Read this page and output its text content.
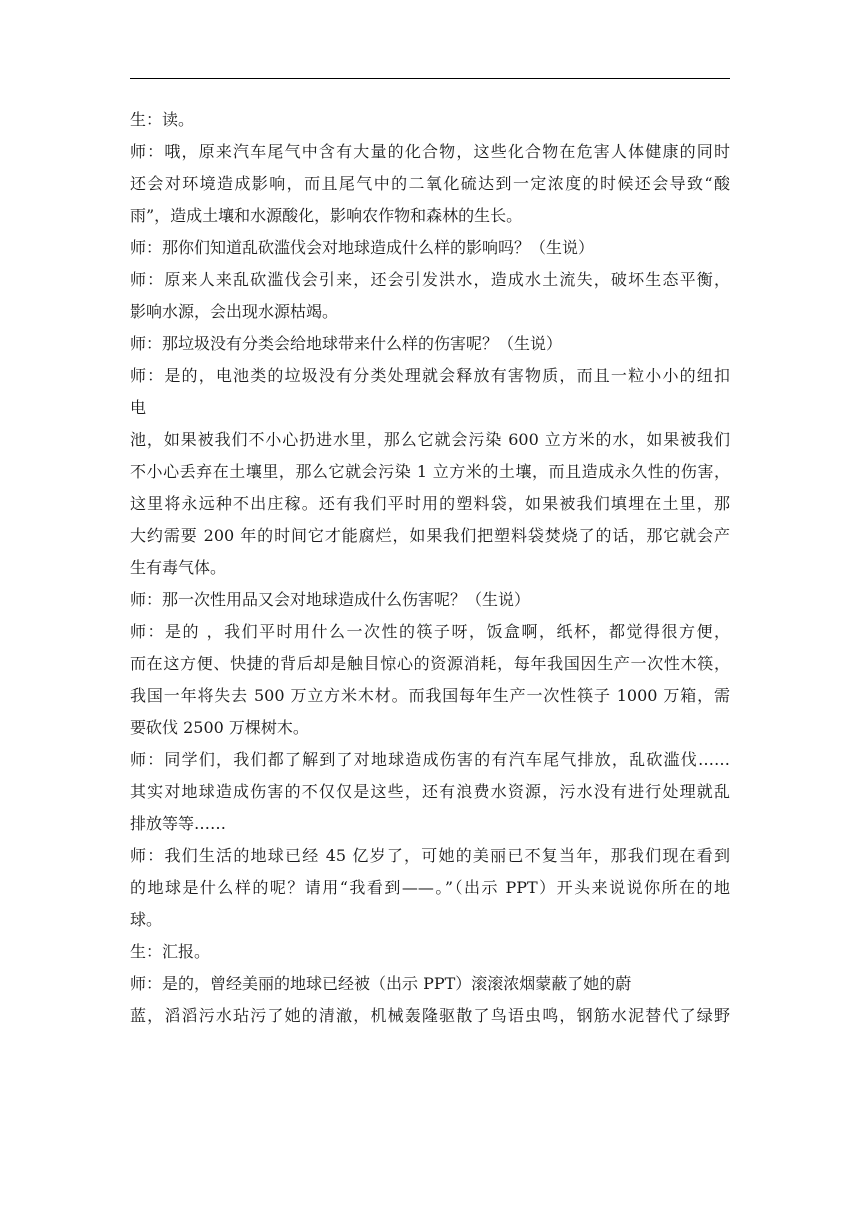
生：读。
师：哦，原来汽车尾气中含有大量的化合物，这些化合物在危害人体健康的同时
还会对环境造成影响，而且尾气中的二氧化硫达到一定浓度的时候还会导致“酸
雨”，造成土壤和水源酸化，影响农作物和森林的生长。
师：那你们知道乱砍滥伐会对地球造成什么样的影响吗？（生说）
师：原来人来乱砍滥伐会引来，还会引发洪水，造成水土流失，破坏生态平衡，
影响水源，会出现水源枯竭。
师：那垃圾没有分类会给地球带来什么样的伤害呢？（生说）
师：是的，电池类的垃圾没有分类处理就会释放有害物质，而且一粒小小的纽扣
电
池，如果被我们不小心扔进水里，那么它就会污染 600 立方米的水，如果被我们
不小心丢弃在土壤里，那么它就会污染 1 立方米的土壤，而且造成永久性的伤害，
这里将永远种不出庄稼。还有我们平时用的塑料袋，如果被我们填埋在土里，那
大约需要 200 年的时间它才能腐烂，如果我们把塑料袋焚烧了的话，那它就会产
生有毒气体。
师：那一次性用品又会对地球造成什么伤害呢？（生说）
师：是的 ，我们平时用什么一次性的筷子呀，饭盒啊，纸杯，都觉得很方便，
而在这方便、快捷的背后却是触目惊心的资源消耗，每年我国因生产一次性木筷，
我国一年将失去 500 万立方米木材。而我国每年生产一次性筷子 1000 万箱，需
要砍伐 2500 万棵树木。
师：同学们，我们都了解到了对地球造成伤害的有汽车尾气排放，乱砍滥伐……
其实对地球造成伤害的不仅仅是这些，还有浪费水资源，污水没有进行处理就乱
排放等等……
师：我们生活的地球已经 45 亿岁了，可她的美丽已不复当年，那我们现在看到
的地球是什么样的呢？请用“我看到——。”（出示 PPT）开头来说说你所在的地
球。
生：汇报。
师：是的，曾经美丽的地球已经被（出示 PPT）滚滚浓烟蒙蔽了她的蔚
蓝，滔滔污水玷污了她的清澈，机械轰隆驱散了鸟语虫鸣，钢筋水泥替代了绿野
